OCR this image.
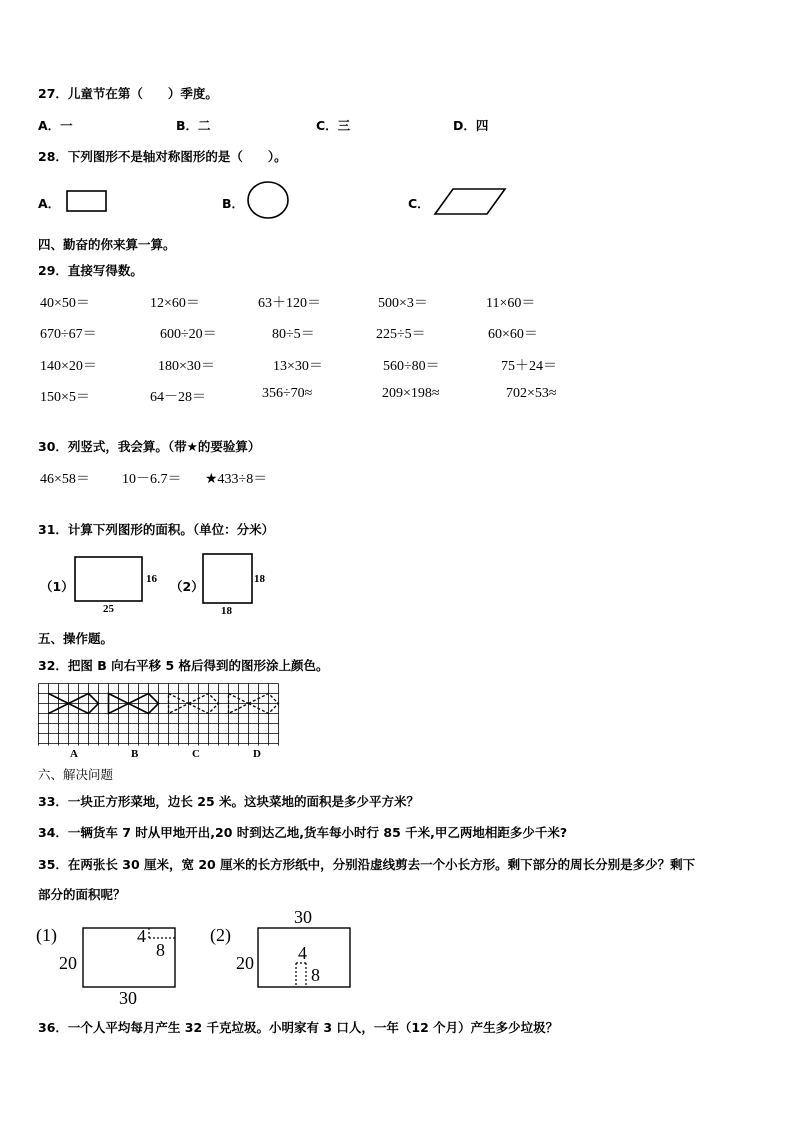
27．儿童节在第（　　）季度。
A．一	B．二	C．三	D．四
28．下列图形不是轴对称图形的是（　　）。
A．	B．	C．
四、勤奋的你来算一算。
29．直接写得数。
40×50＝	12×60＝	63＋120＝	500×3＝	11×60＝
670÷67＝	600÷20＝	80÷5＝	225÷5＝	60×60＝
140×20＝	180×30＝	13×30＝	560÷80＝	75＋24＝
150×5＝	64－28＝	356÷70≈	209×198≈	702×53≈
30．列竖式，我会算。（带★的要验算）
46×58＝ 10－6.7＝ ★433÷8＝
31．计算下列图形的面积。（单位：分米）
（1）	16
25
（2）	18
18
五、操作题。
32．把图 B 向右平移 5 格后得到的图形涂上颜色。
A	B	C	D
六、解决问题
33．一块正方形菜地，边长 25 米。这块菜地的面积是多少平方米？
34．一辆货车 7 时从甲地开出,20 时到达乙地,货车每小时行 85 千米,甲乙两地相距多少千米?
35．在两张长 30 厘米，宽 20 厘米的长方形纸中，分别沿虚线剪去一个小长方形。剩下部分的周长分别是多少？剩下
部分的面积呢？
(1)	4
8
20
30
(2)
30
4
8
20
36．一个人平均每月产生 32 千克垃圾。小明家有 3 口人，一年（12 个月）产生多少垃圾？
